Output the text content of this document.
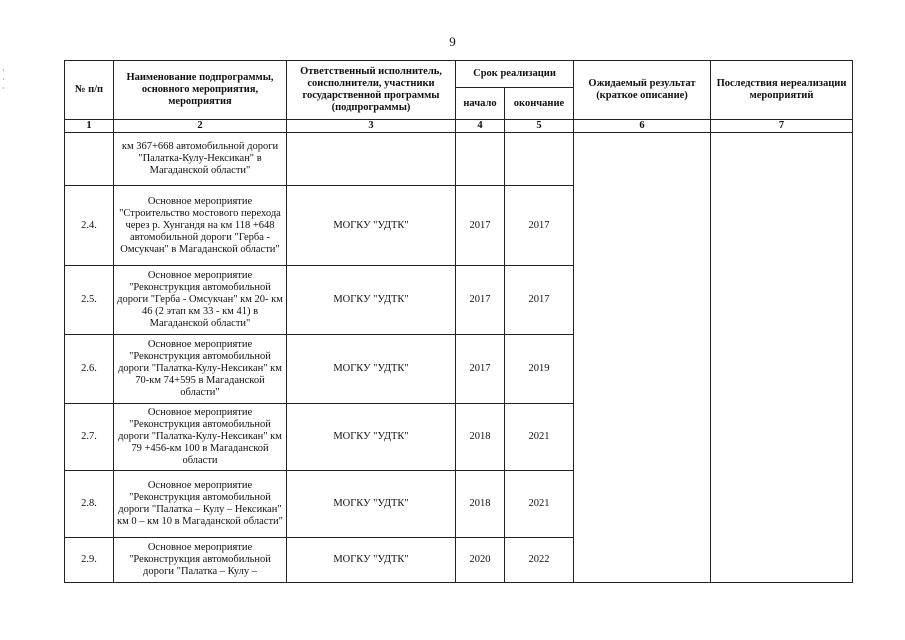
9
·
·
·	№ п/п	Наименование подпрограммы, основного мероприятия, мероприятия	Ответственный исполнитель, соисполнители, участники государственной программы (подпрограммы)	Срок реализации		Ожидаемый результат (краткое описание)	Последствия нереализации мероприятий
			начало	окончание		
1	2	3	4	5	6	7
	км 367+668 автомобильной дороги "Палатка-Кулу-Нексикан" в Магаданской области"					
2.4.	Основное мероприятие "Строительство мостового перехода через р. Хунгандя на км 118 +648 автомобильной дороги "Герба - Омсукчан" в Магаданской области"	МОГКУ "УДТК"	2017	2017		
2.5.	Основное мероприятие "Реконструкция автомобильной дороги "Герба - Омсукчан" км 20- км 46 (2 этап км 33 - км 41) в Магаданской области"	МОГКУ "УДТК"	2017	2017		
2.6.	Основное мероприятие "Реконструкция автомобильной дороги "Палатка-Кулу-Нексикан" км 70-км 74+595 в Магаданской области"	МОГКУ "УДТК"	2017	2019		
2.7.	Основное мероприятие "Реконструкция автомобильной дороги "Палатка-Кулу-Нексикан" км 79 +456-км 100 в Магаданской области	МОГКУ "УДТК"	2018	2021		
2.8.	Основное мероприятие "Реконструкция автомобильной дороги "Палатка – Кулу – Нексикан" км 0 – км 10 в Магаданской области"	МОГКУ "УДТК"	2018	2021		
2.9.	Основное мероприятие "Реконструкция автомобильной дороги "Палатка – Кулу –	МОГКУ "УДТК"	2020	2022		
